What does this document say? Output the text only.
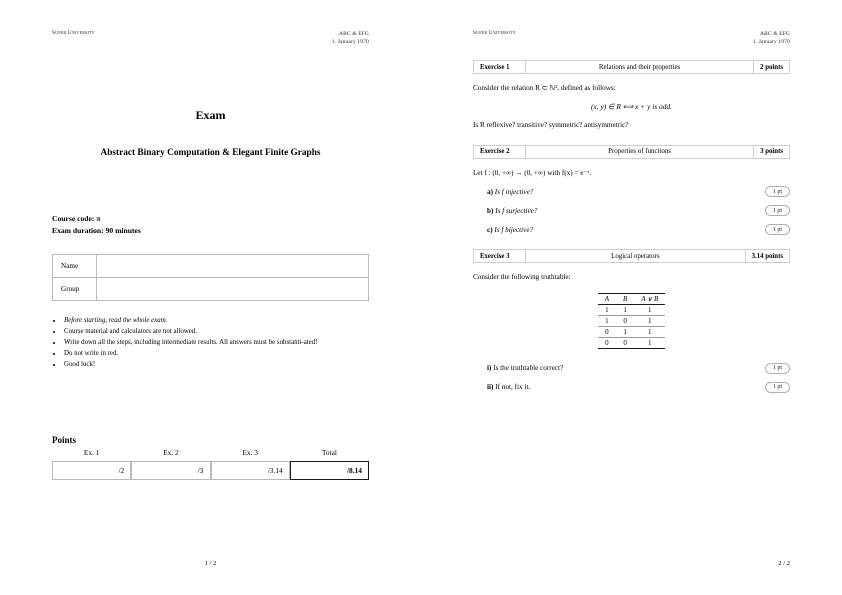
Super University	ABC & EFG
1. January 1970
Exam
Abstract Binary Computation & Elegant Finite Graphs
Course code: π
Exam duration: 90 minutes
Name
Group
• Before starting, read the whole exam.
• Course material and calculators are not allowed.
• Write down all the steps, including intermediate results. All answers must be substanti-ated!
• Do not write in red.
• Good luck!
Points
Ex. 1	Ex. 2	Ex. 3	Total
/2	/3	/3.14	/8.14
1 / 2
Super University	ABC & EFG
1. January 1970
Exercise 1	Relations and their properties	2 points
Consider the relation R ⊂ ℕ², defined as follows:
(x, y) ∈ R ⟺ x + y is odd.
Is R reflexive? transitive? symmetric? antisymmetric?
Exercise 2	Properties of functions	3 points
Let f : (0, +∞) → (0, +∞) with f(x) = e⁻ˣ.
a) Is f injective?	1 pt
b) Is f surjective?	1 pt
c) Is f bijective?	1 pt
Exercise 3	Logical operators	3.14 points
Consider the following truthtable:
A	B	A ∨ B
1	1	1
1	0	1
0	1	1
0	0	1
i) Is the truthtable correct?	1 pt
ii) If not, fix it.	1 pt
2 / 2
